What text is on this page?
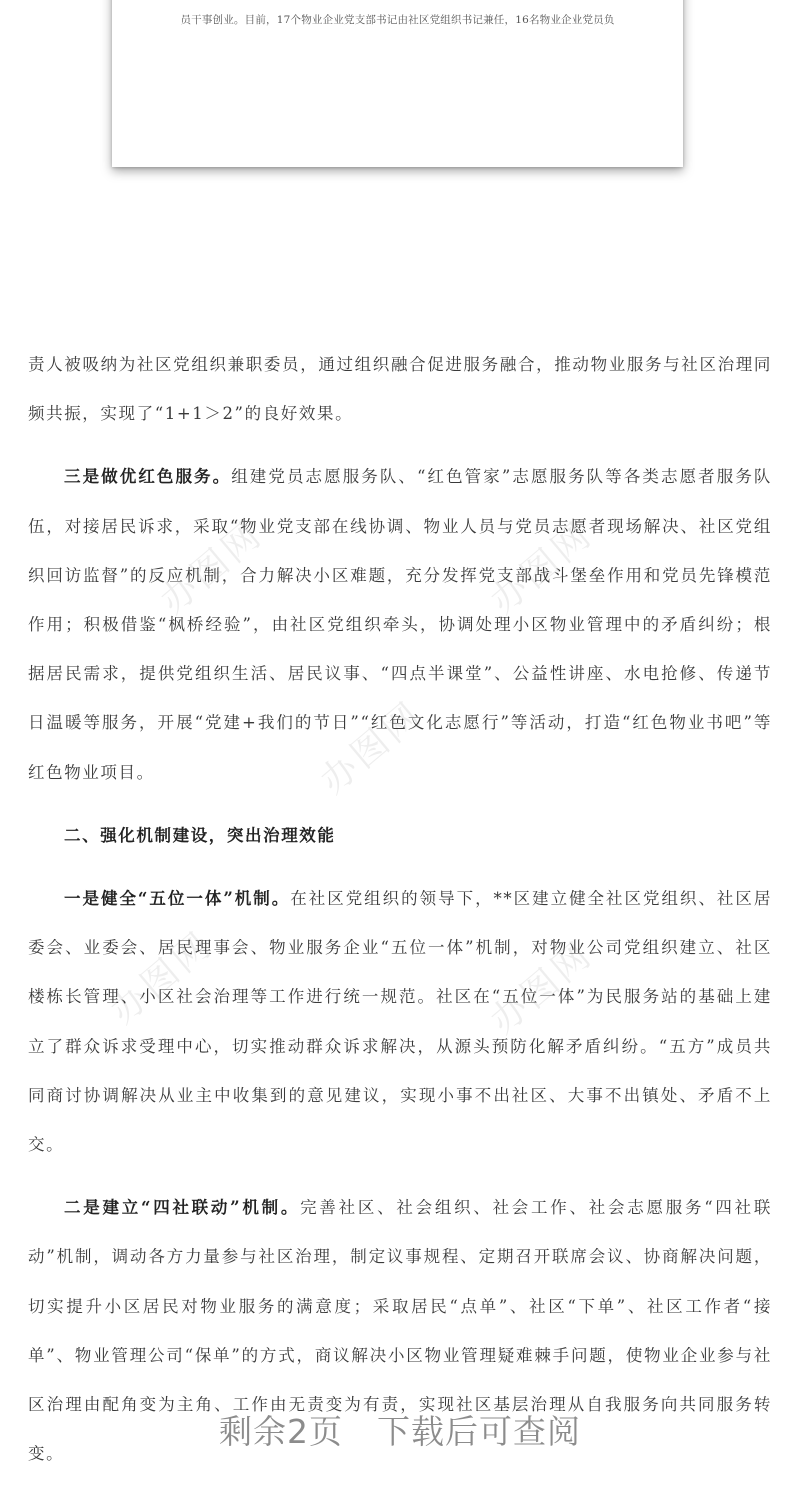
员干事创业。目前，17个物业企业党支部书记由社区党组织书记兼任，16名物业企业党员负
办图网	办图网
办图网
办图网	办图网

责人被吸纳为社区党组织兼职委员，通过组织融合促进服务融合，推动物业服务与社区治理同频共振，实现了“1+1＞2”的良好效果。

三是做优红色服务。组建党员志愿服务队、“红色管家”志愿服务队等各类志愿者服务队伍，对接居民诉求，采取“物业党支部在线协调、物业人员与党员志愿者现场解决、社区党组织回访监督”的反应机制，合力解决小区难题，充分发挥党支部战斗堡垒作用和党员先锋模范作用；积极借鉴“枫桥经验”，由社区党组织牵头，协调处理小区物业管理中的矛盾纠纷；根据居民需求，提供党组织生活、居民议事、“四点半课堂”、公益性讲座、水电抢修、传递节日温暖等服务，开展“党建+我们的节日”“红色文化志愿行”等活动，打造“红色物业书吧”等红色物业项目。

二、强化机制建设，突出治理效能

一是健全“五位一体”机制。在社区党组织的领导下，**区建立健全社区党组织、社区居委会、业委会、居民理事会、物业服务企业“五位一体”机制，对物业公司党组织建立、社区楼栋长管理、小区社会治理等工作进行统一规范。社区在“五位一体”为民服务站的基础上建立了群众诉求受理中心，切实推动群众诉求解决，从源头预防化解矛盾纠纷。“五方”成员共同商讨协调解决从业主中收集到的意见建议，实现小事不出社区、大事不出镇处、矛盾不上交。

二是建立“四社联动”机制。完善社区、社会组织、社会工作、社会志愿服务“四社联动”机制，调动各方力量参与社区治理，制定议事规程、定期召开联席会议、协商解决问题，切实提升小区居民对物业服务的满意度；采取居民“点单”、社区“下单”、社区工作者“接单”、物业管理公司“保单”的方式，商议解决小区物业管理疑难棘手问题，使物业企业参与社区治理由配角变为主角、工作由无责变为有责，实现社区基层治理从自我服务向共同服务转变。

剩余2页 下载后可查阅
